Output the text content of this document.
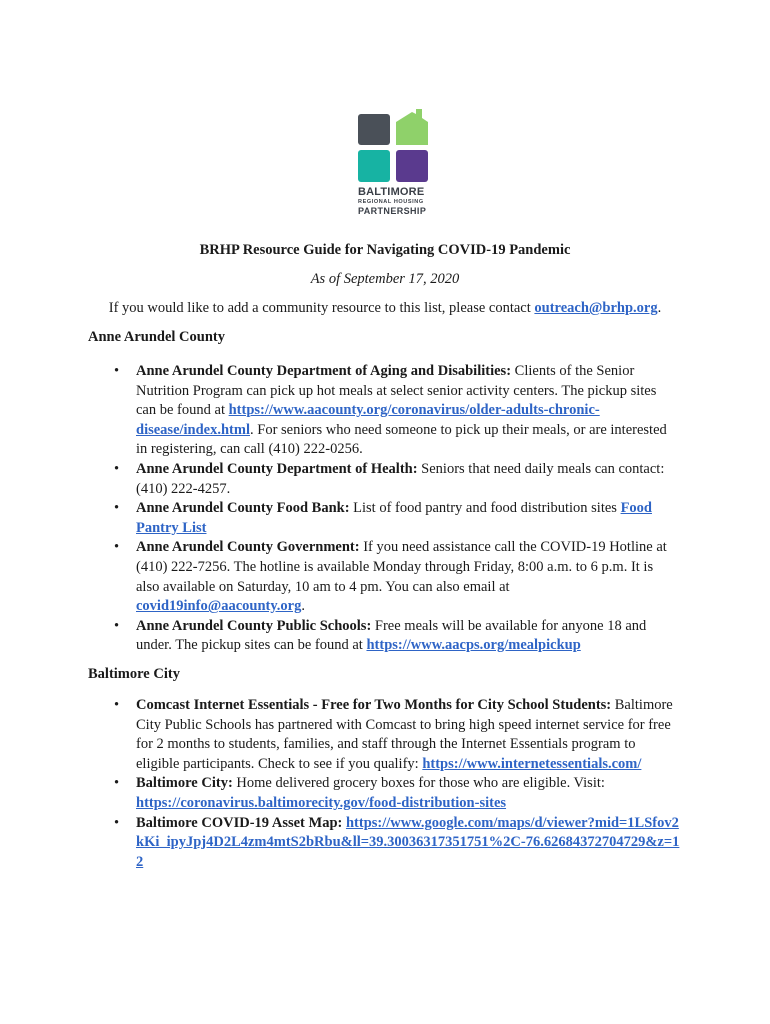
BALTIMORE
REGIONAL HOUSING
PARTNERSHIP
BRHP Resource Guide for Navigating COVID-19 Pandemic
As of September 17, 2020
If you would like to add a community resource to this list, please contact outreach@brhp.org.
Anne Arundel County
• Anne Arundel County Department of Aging and Disabilities: Clients of the Senior Nutrition Program can pick up hot meals at select senior activity centers. The pickup sites can be found at https://www.aacounty.org/coronavirus/older-adults-chronic-disease/index.html. For seniors who need someone to pick up their meals, or are interested in registering, can call (410) 222-0256.
• Anne Arundel County Department of Health: Seniors that need daily meals can contact: (410) 222-4257.
• Anne Arundel County Food Bank: List of food pantry and food distribution sites Food Pantry List
• Anne Arundel County Government: If you need assistance call the COVID-19 Hotline at (410) 222-7256. The hotline is available Monday through Friday, 8:00 a.m. to 6 p.m. It is also available on Saturday, 10 am to 4 pm. You can also email at covid19info@aacounty.org.
• Anne Arundel County Public Schools: Free meals will be available for anyone 18 and under. The pickup sites can be found at https://www.aacps.org/mealpickup
Baltimore City
• Comcast Internet Essentials - Free for Two Months for City School Students: Baltimore City Public Schools has partnered with Comcast to bring high speed internet service for free for 2 months to students, families, and staff through the Internet Essentials program to eligible participants. Check to see if you qualify: https://www.internetessentials.com/
• Baltimore City: Home delivered grocery boxes for those who are eligible. Visit: https://coronavirus.baltimorecity.gov/food-distribution-sites
• Baltimore COVID-19 Asset Map: https://www.google.com/maps/d/viewer?mid=1LSfov2kKi_ipyJpj4D2L4zm4mtS2bRbu&ll=39.30036317351751%2C-76.62684372704729&z=12
